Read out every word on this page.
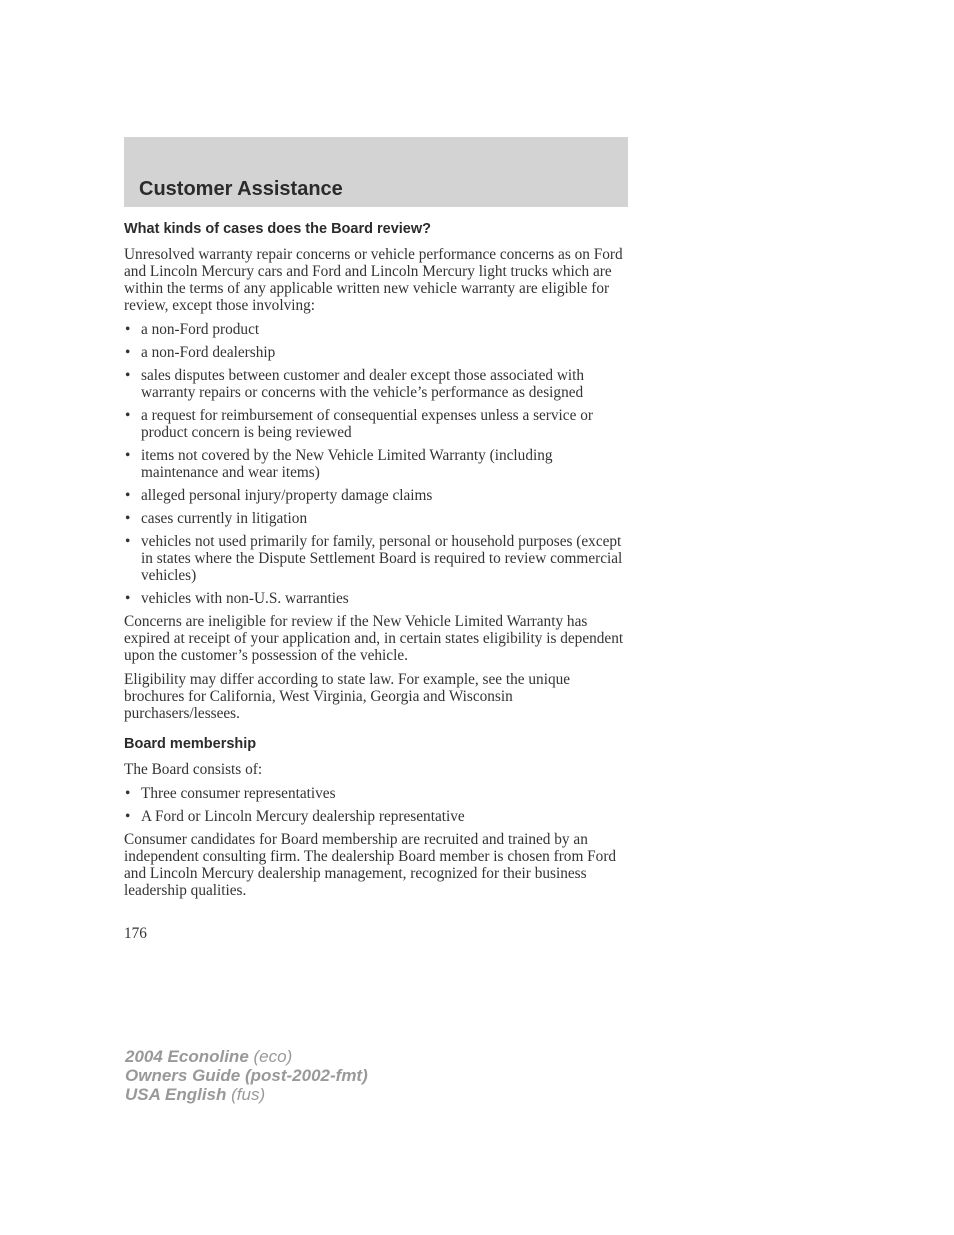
Customer Assistance
What kinds of cases does the Board review?

Unresolved warranty repair concerns or vehicle performance concerns as on Ford and Lincoln Mercury cars and Ford and Lincoln Mercury light trucks which are within the terms of any applicable written new vehicle warranty are eligible for review, except those involving:

• a non-Ford product
• a non-Ford dealership
• sales disputes between customer and dealer except those associated with warranty repairs or concerns with the vehicle’s performance as designed
• a request for reimbursement of consequential expenses unless a service or product concern is being reviewed
• items not covered by the New Vehicle Limited Warranty (including maintenance and wear items)
• alleged personal injury/property damage claims
• cases currently in litigation
• vehicles not used primarily for family, personal or household purposes (except in states where the Dispute Settlement Board is required to review commercial vehicles)
• vehicles with non-U.S. warranties

Concerns are ineligible for review if the New Vehicle Limited Warranty has expired at receipt of your application and, in certain states eligibility is dependent upon the customer’s possession of the vehicle.

Eligibility may differ according to state law. For example, see the unique brochures for California, West Virginia, Georgia and Wisconsin purchasers/lessees.

Board membership

The Board consists of:

• Three consumer representatives
• A Ford or Lincoln Mercury dealership representative

Consumer candidates for Board membership are recruited and trained by an independent consulting firm. The dealership Board member is chosen from Ford and Lincoln Mercury dealership management, recognized for their business leadership qualities.

176
2004 Econoline (eco)
Owners Guide (post-2002-fmt)
USA English (fus)
